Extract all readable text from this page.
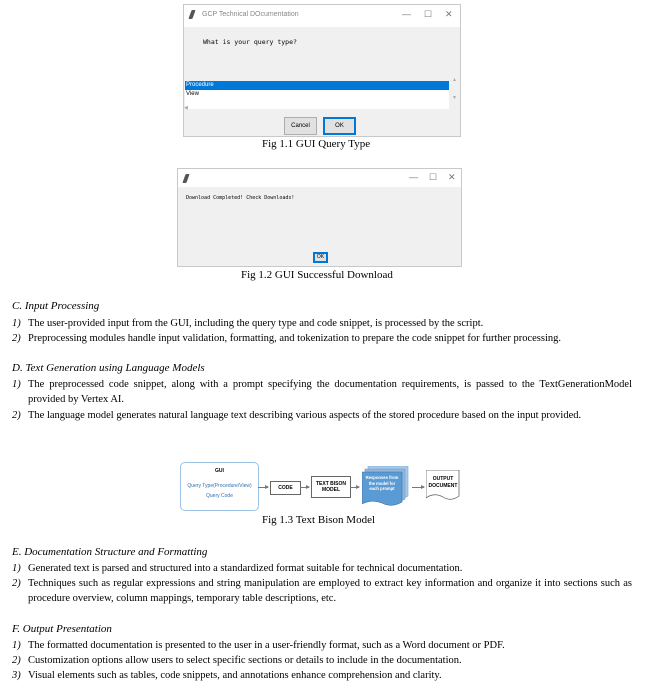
GCP Technical DOcumentation	— ☐ ✕
What is your query type?
Procedure
View
▲
▼
◀
Cancel	OK
Fig 1.1 GUI Query Type
— ☐ ✕
Download Completed! Check Downloads!
OK
Fig 1.2 GUI Successful Download
C. Input Processing
1) The user-provided input from the GUI, including the query type and code snippet, is processed by the script.
2) Preprocessing modules handle input validation, formatting, and tokenization to prepare the code snippet for further processing.
D. Text Generation using Language Models
1) The preprocessed code snippet, along with a prompt specifying the documentation requirements, is passed to the TextGenerationModel provided by Vertex AI.
2) The language model generates natural language text describing various aspects of the stored procedure based on the input provided.
GUI
Query Type(Procedure/View)
Query Code
CODE
TEXT BISON MODEL
Responses from the model for each prompt
OUTPUT DOCUMENT
Fig 1.3 Text Bison Model
E. Documentation Structure and Formatting
1) Generated text is parsed and structured into a standardized format suitable for technical documentation.
2) Techniques such as regular expressions and string manipulation are employed to extract key information and organize it into sections such as procedure overview, column mappings, temporary table descriptions, etc.
F. Output Presentation
1) The formatted documentation is presented to the user in a user-friendly format, such as a Word document or PDF.
2) Customization options allow users to select specific sections or details to include in the documentation.
3) Visual elements such as tables, code snippets, and annotations enhance comprehension and clarity.
